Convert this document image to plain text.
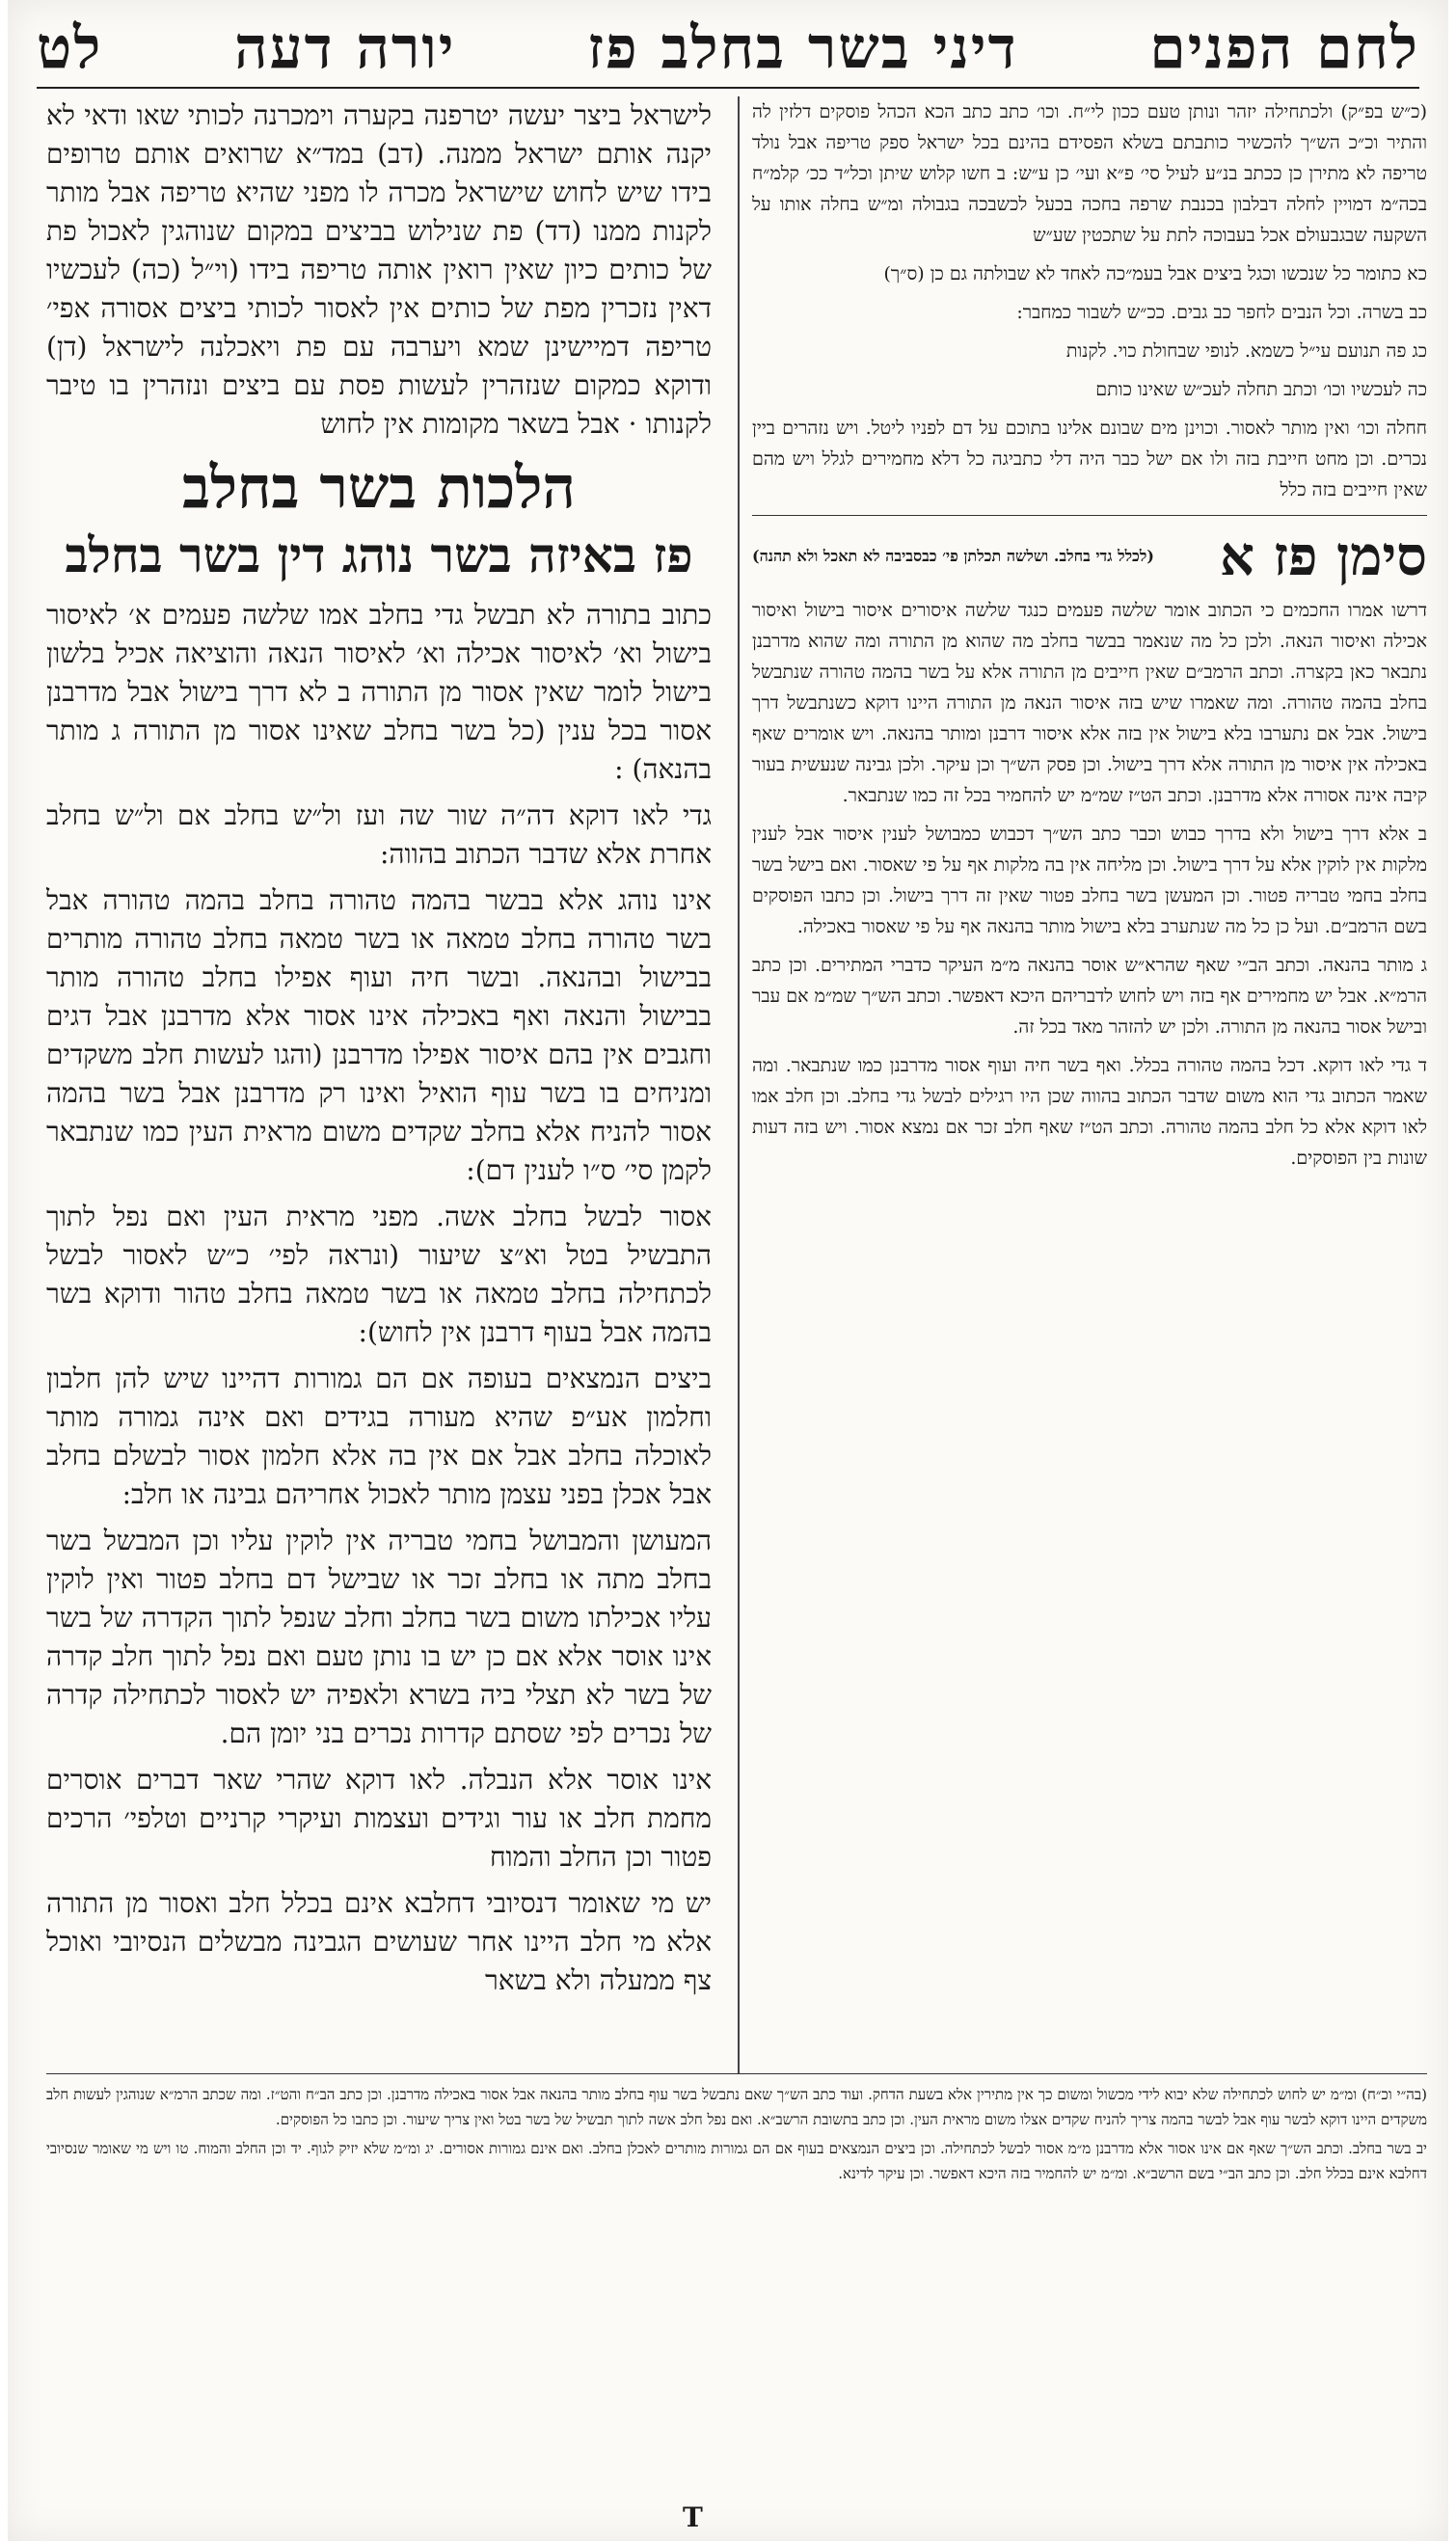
לחם הפנים
דיני בשר בחלב פז
יורה דעה
לט

(כ״ש בפ״ק) ולכתחילה יזהר ונותן טעם ככון לי״ח. וכו׳ כתב כתב הכא הכהל פוסקים דלזין לה והתיר וכ״כ הש״ך להכשיר כותבתם בשלא הפסידם בהינם בכל ישראל ספק טריפה אבל נולד טריפה לא מתירן כן ככתב בנ״ע לעיל סי׳ פ״א ועי׳ כן ע״ש: ב חשו קלוש שיתן וכל״ד ככ׳ קלמ״ח בכה״מ דמויין לחלה דבלבון בכנבת שרפה בחכה בכעל לכשבכה בגבולה ומ״ש בחלה אותו על השקעה שבגבעולם אכל בעבוכה לתת על שתכטין שע״ש

כא כתומר כל שנכשו וכגל ביצים אבל בעמ״כה לאחד לא שבולתה גם כן (ס״ך)

כב בשרה. וכל הנבים לחפר כב גבים. ככ״ש לשבור כמחבר:

כג פה תנועם עי״ל כשמא. לנופי שבחולת כוי. לקנות

כה לעכשיו וכו׳ וכתב תחלה לעכ״ש שאינו כותם

חחלה וכו׳ ואין מותר לאסור. וכוינן מים שבונם אלינו בתוכם על דם לפניו ליטל. ויש נזהרים ביין נכרים. וכן מחט חייבת בזה ולו אם ישל כבר היה דלי כתביגה כל דלא מחמירים לגלל ויש מהם שאין חייבים בזה כלל

סימן פז א
(לכלל גדי בחלב. ושלשה תכלתן פי׳ כבסביבה לא תאכל ולא תהנה)

דרשו אמרו החכמים כי הכתוב אומר שלשה פעמים כנגד שלשה איסורים איסור בישול ואיסור אכילה ואיסור הנאה. ולכן כל מה שנאמר בבשר בחלב מה שהוא מן התורה ומה שהוא מדרבנן נתבאר כאן בקצרה. וכתב הרמב״ם שאין חייבים מן התורה אלא על בשר בהמה טהורה שנתבשל בחלב בהמה טהורה. ומה שאמרו שיש בזה איסור הנאה מן התורה היינו דוקא כשנתבשל דרך בישול. אבל אם נתערבו בלא בישול אין בזה אלא איסור דרבנן ומותר בהנאה. ויש אומרים שאף באכילה אין איסור מן התורה אלא דרך בישול. וכן פסק הש״ך וכן עיקר. ולכן גבינה שנעשית בעור קיבה אינה אסורה אלא מדרבנן. וכתב הט״ז שמ״מ יש להחמיר בכל זה כמו שנתבאר.

ב אלא דרך בישול ולא בדרך כבוש וכבר כתב הש״ך דכבוש כמבושל לענין איסור אבל לענין מלקות אין לוקין אלא על דרך בישול. וכן מליחה אין בה מלקות אף על פי שאסור. ואם בישל בשר בחלב בחמי טבריה פטור. וכן המעשן בשר בחלב פטור שאין זה דרך בישול. וכן כתבו הפוסקים בשם הרמב״ם. ועל כן כל מה שנתערב בלא בישול מותר בהנאה אף על פי שאסור באכילה.

ג מותר בהנאה. וכתב הב״י שאף שהרא״ש אוסר בהנאה מ״מ העיקר כדברי המתירים. וכן כתב הרמ״א. אבל יש מחמירים אף בזה ויש לחוש לדבריהם היכא דאפשר. וכתב הש״ך שמ״מ אם עבר ובישל אסור בהנאה מן התורה. ולכן יש להזהר מאד בכל זה.

ד גדי לאו דוקא. דכל בהמה טהורה בכלל. ואף בשר חיה ועוף אסור מדרבנן כמו שנתבאר. ומה שאמר הכתוב גדי הוא משום שדבר הכתוב בהווה שכן היו רגילים לבשל גדי בחלב. וכן חלב אמו לאו דוקא אלא כל חלב בהמה טהורה. וכתב הט״ז שאף חלב זכר אם נמצא אסור. ויש בזה דעות שונות בין הפוסקים.

לישראל ביצר יעשה יטרפנה בקערה וימכרנה לכותי שאו ודאי לא יקנה אותם ישראל ממנה. (דב) במד״א שרואים אותם טרופים בידו שיש לחוש שישראל מכרה לו מפני שהיא טריפה אבל מותר לקנות ממנו (דד) פת שנילוש בביצים במקום שנוהגין לאכול פת של כותים כיון שאין רואין אותה טריפה בידו (וי״ל (כה) לעכשיו דאין נזכרין מפת של כותים אין לאסור לכותי ביצים אסורה אפי׳ טריפה דמיישינן שמא ויערבה עם פת ויאכלנה לישראל (דן) ודוקא כמקום שנזהרין לעשות פסת עם ביצים ונזהרין בו טיבר לקנותו · אבל בשאר מקומות אין לחוש

הלכות בשר בחלב
פז באיזה בשר נוהג דין בשר בחלב

כתוב בתורה לא תבשל גדי בחלב אמו שלשה פעמים א׳ לאיסור בישול וא׳ לאיסור אכילה וא׳ לאיסור הנאה והוציאה אכיל בלשון בישול לומר שאין אסור מן התורה ב לא דרך בישול אבל מדרבנן אסור בכל ענין (כל בשר בחלב שאינו אסור מן התורה ג מותר בהנאה) :

גדי לאו דוקא דה״ה שור שה ועז ול״ש בחלב אם ול״ש בחלב אחרת אלא שדבר הכתוב בהווה:

אינו נוהג אלא בבשר בהמה טהורה בחלב בהמה טהורה אבל בשר טהורה בחלב טמאה או בשר טמאה בחלב טהורה מותרים בבישול ובהנאה. ובשר חיה ועוף אפילו בחלב טהורה מותר בבישול והנאה ואף באכילה אינו אסור אלא מדרבנן אבל דגים וחגבים אין בהם איסור אפילו מדרבנן (והגו לעשות חלב משקדים ומניחים בו בשר עוף הואיל ואינו רק מדרבנן אבל בשר בהמה אסור להניח אלא בחלב שקדים משום מראית העין כמו שנתבאר לקמן סי׳ ס״ו לענין דם):

אסור לבשל בחלב אשה. מפני מראית העין ואם נפל לתוך התבשיל בטל וא״צ שיעור (ונראה לפי׳ כ״ש לאסור לבשל לכתחילה בחלב טמאה או בשר טמאה בחלב טהור ודוקא בשר בהמה אבל בעוף דרבנן אין לחוש):

ביצים הנמצאים בעופה אם הם גמורות דהיינו שיש להן חלבון וחלמון אע״פ שהיא מעורה בגידים ואם אינה גמורה מותר לאוכלה בחלב אבל אם אין בה אלא חלמון אסור לבשלם בחלב אבל אכלן בפני עצמן מותר לאכול אחריהם גבינה או חלב:

המעושן והמבושל בחמי טבריה אין לוקין עליו וכן המבשל בשר בחלב מתה או בחלב זכר או שבישל דם בחלב פטור ואין לוקין עליו אכילתו משום בשר בחלב וחלב שנפל לתוך הקדרה של בשר אינו אוסר אלא אם כן יש בו נותן טעם ואם נפל לתוך חלב קדרה של בשר לא תצלי ביה בשרא ולאפיה יש לאסור לכתחילה קדרה של נכרים לפי שסתם קדרות נכרים בני יומן הם.

אינו אוסר אלא הנבלה. לאו דוקא שהרי שאר דברים אוסרים מחמת חלב או עור וגידים ועצמות ועיקרי קרניים וטלפי׳ הרכים פטור וכן החלב והמוח

יש מי שאומר דנסיובי דחלבא אינם בכלל חלב ואסור מן התורה אלא מי חלב היינו אחר שעושים הגבינה מבשלים הנסיובי ואוכל צף ממעלה ולא בשאר

(בה״י וכ״ח) ומ״מ יש לחוש לכתחילה שלא יבוא לידי מכשול ומשום כך אין מתירין אלא בשעת הדחק. ועוד כתב הש״ך שאם נתבשל בשר עוף בחלב מותר בהנאה אבל אסור באכילה מדרבנן. וכן כתב הב״ח והט״ז. ומה שכתב הרמ״א שנוהגין לעשות חלב משקדים היינו דוקא לבשר עוף אבל לבשר בהמה צריך להניח שקדים אצלו משום מראית העין. וכן כתב בתשובת הרשב״א. ואם נפל חלב אשה לתוך תבשיל של בשר בטל ואין צריך שיעור. וכן כתבו כל הפוסקים.

יב בשר בחלב. וכתב הש״ך שאף אם אינו אסור אלא מדרבנן מ״מ אסור לבשל לכתחילה. וכן ביצים הנמצאים בעוף אם הם גמורות מותרים לאכלן בחלב. ואם אינם גמורות אסורים. יג ומ״מ שלא יזיק לגוף. יד וכן החלב והמוח. טו ויש מי שאומר שנסיובי דחלבא אינם בכלל חלב. וכן כתב הב״י בשם הרשב״א. ומ״מ יש להחמיר בזה היכא דאפשר. וכן עיקר לדינא.

T
